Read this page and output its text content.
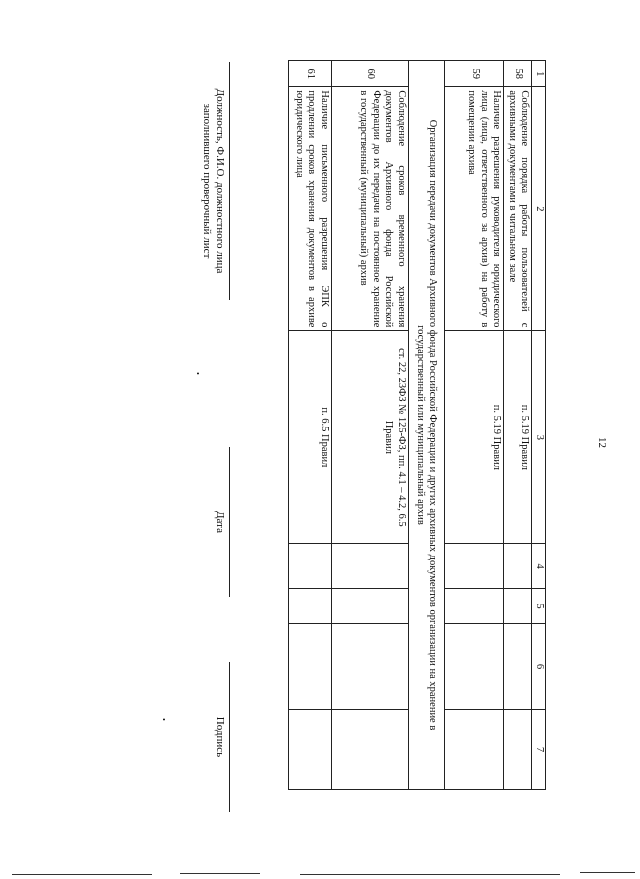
12
1	2	3	4	5	6	7
58	Соблюдение порядка работы пользователей с архивными документами в читальном зале	п. 5.19 Правил				
59	Наличие разрешения руководителя юридического лица (лица, ответственного за архив) на работу в помещении архива	п. 5.19 Правил				
Организация передачи документов Архивного фонда Российской Федерации и других архивных документов организации на хранение в государственный или муниципальный архив						
60	Соблюдение сроков временного хранения документов Архивного фонда Российской Федерации до их передачи на постоянное хранение в государственный (муниципальный) архив	ст. 22, 23ФЗ № 125-ФЗ, пп. 4.1 – 4.2, 6.5 Правил				
61	Наличие письменного разрешения ЭПК о продлении сроков хранения документов в архиве юридического лица	п. 6.5 Правил				
Должность, Ф.И.О. должностного лица заполнившего проверочный лист
Дата
Подпись
•
•
